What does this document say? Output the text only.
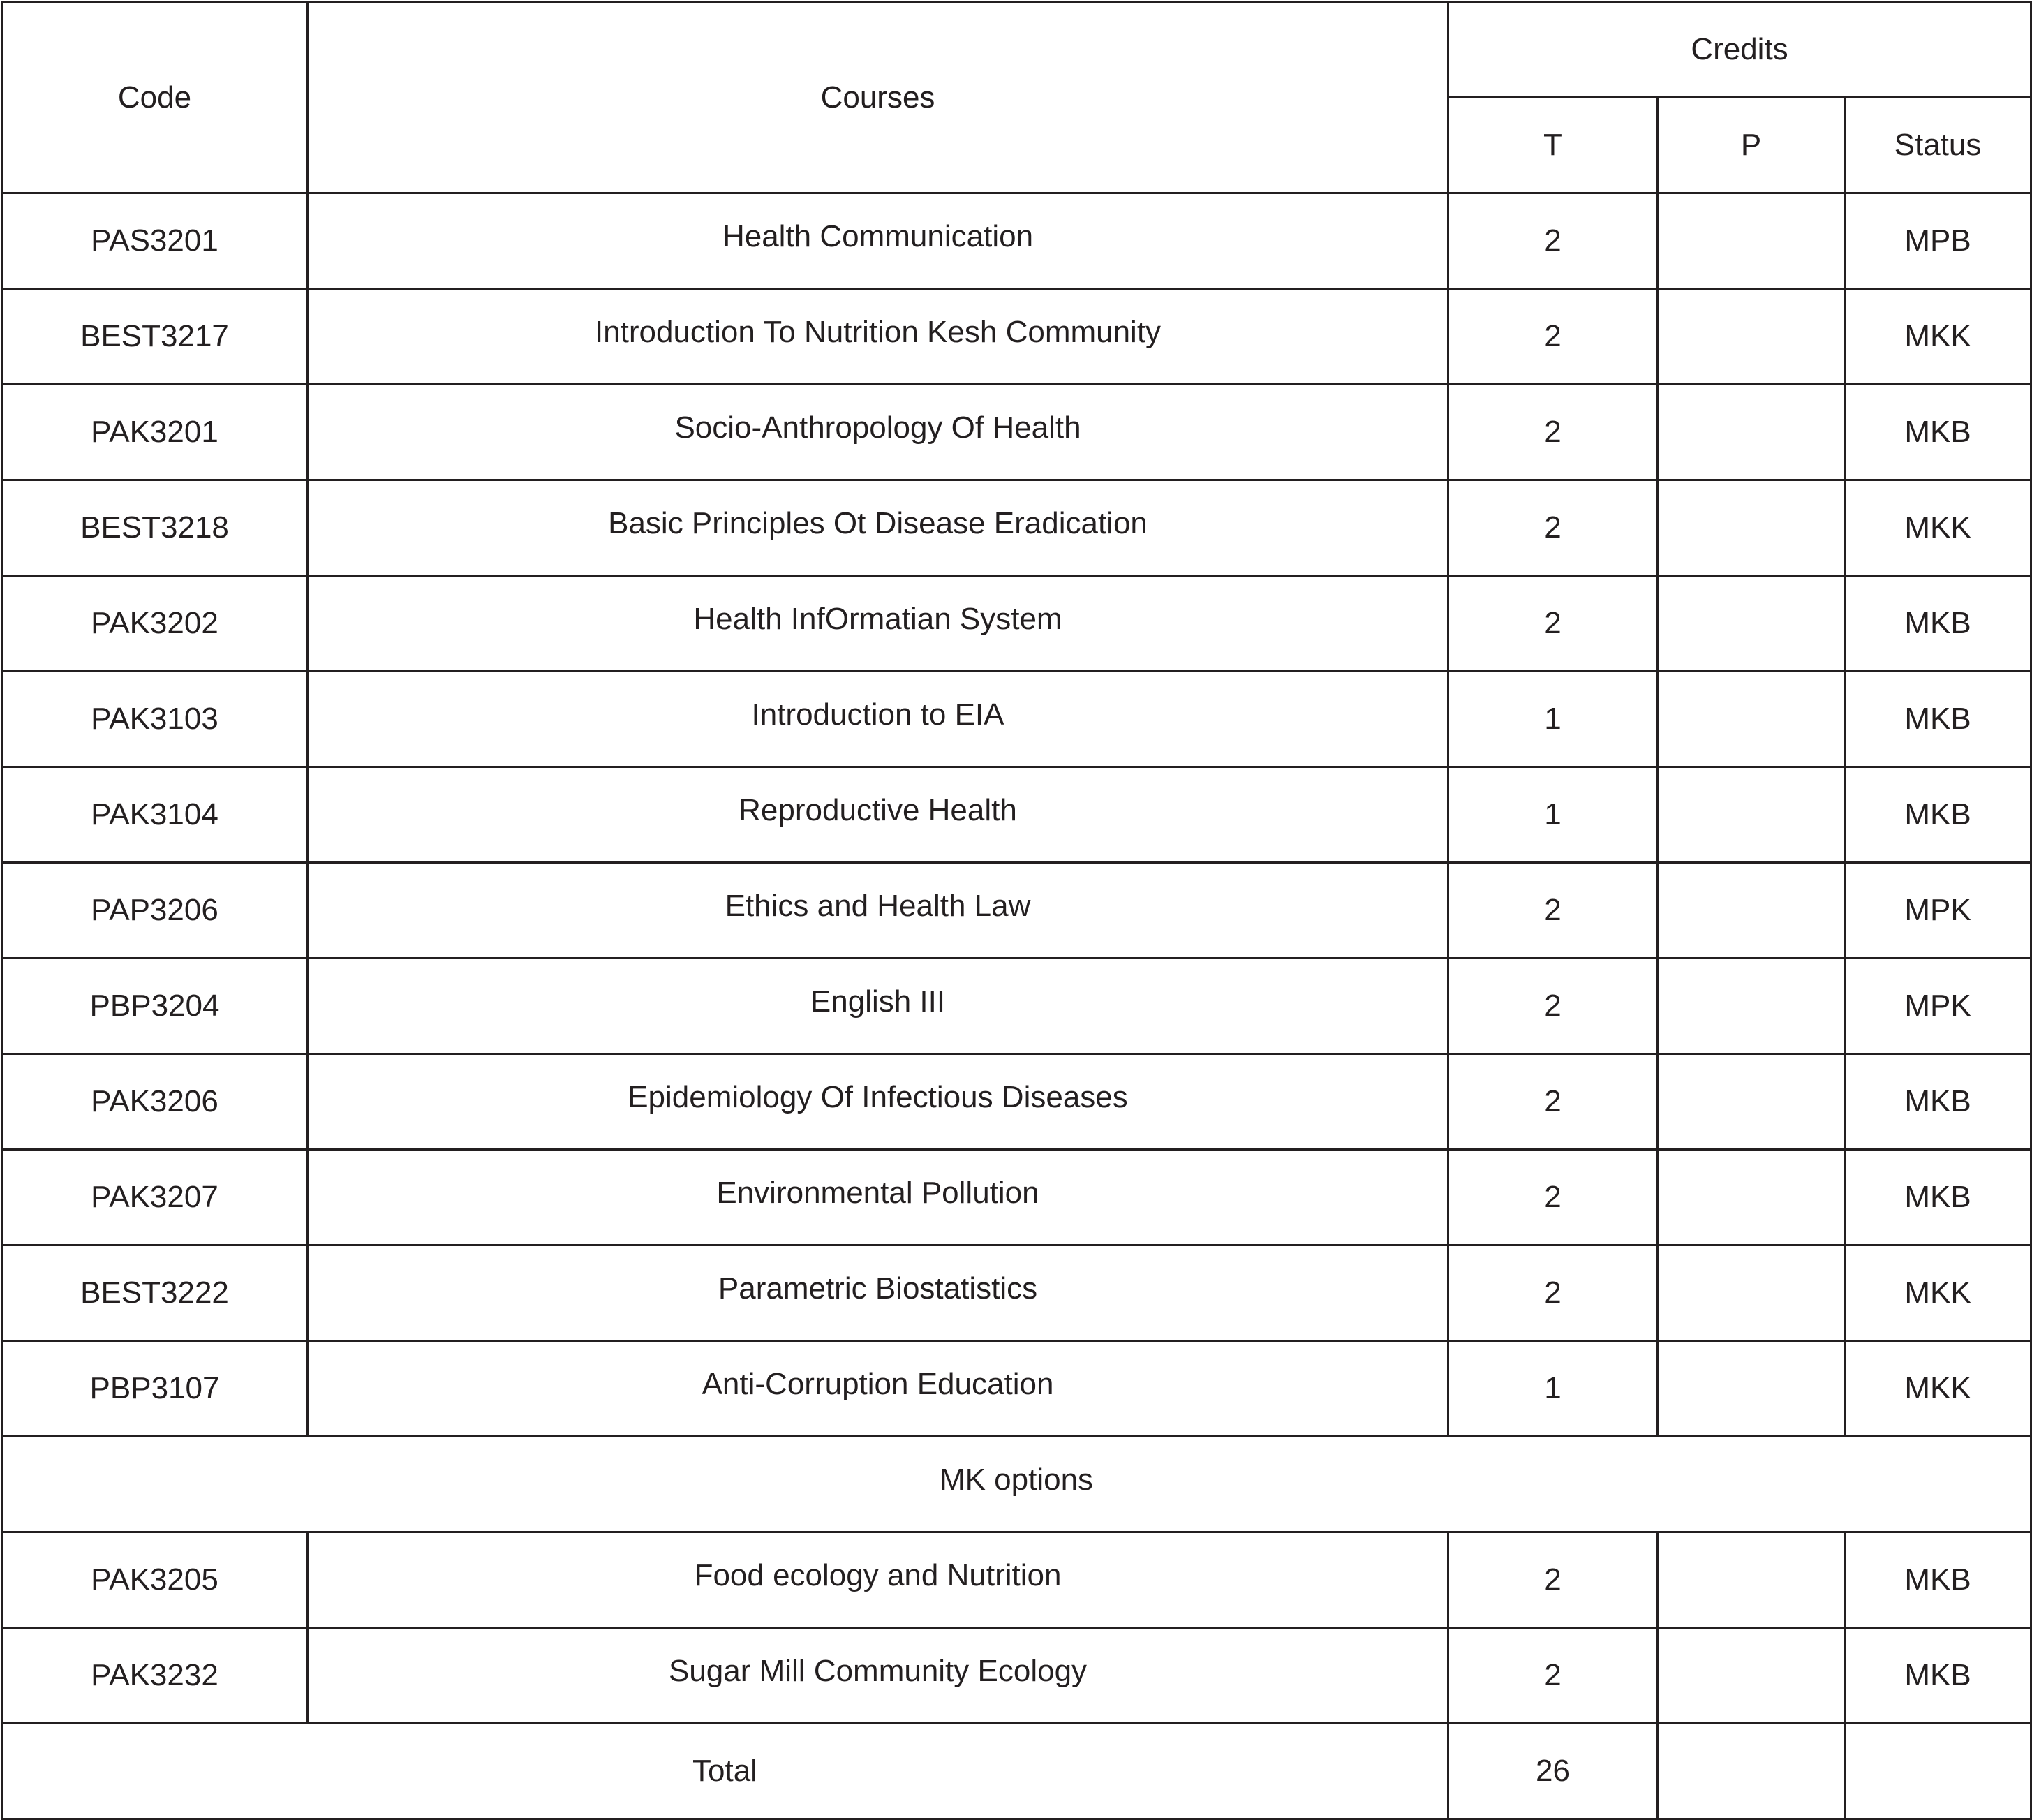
Code	Courses	Credits		
		T	P	Status
PAS3201	Health Communication	2		MPB
BEST3217	Introduction To Nutrition Kesh Community	2		MKK
PAK3201	Socio-Anthropology Of Health	2		MKB
BEST3218	Basic Principles Ot Disease Eradication	2		MKK
PAK3202	Health InfOrmatian System	2		MKB
PAK3103	Introduction to EIA	1		MKB
PAK3104	Reproductive Health	1		MKB
PAP3206	Ethics and Health Law	2		MPK
PBP3204	English III	2		MPK
PAK3206	Epidemiology Of Infectious Diseases	2		MKB
PAK3207	Environmental Pollution	2		MKB
BEST3222	Parametric Biostatistics	2		MKK
PBP3107	Anti-Corruption Education	1		MKK
MK options				
PAK3205	Food ecology and Nutrition	2		MKB
PAK3232	Sugar Mill Community Ecology	2		MKB
Total		26		
